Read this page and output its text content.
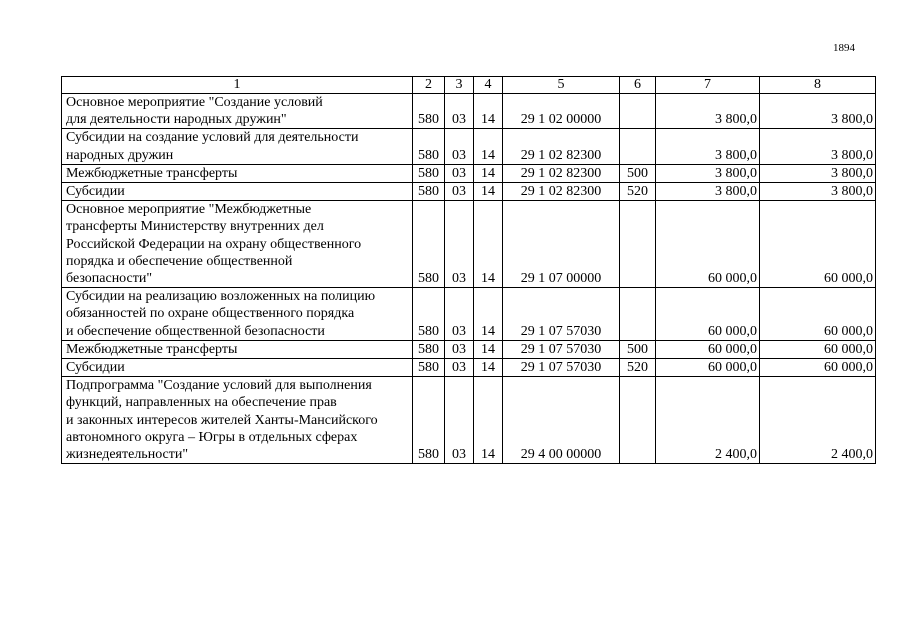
1894
1	2	3	4	5	6	7	8
Основное мероприятие "Создание условий
для деятельности народных дружин"	580	03	14	29 1 02 00000		3 800,0	3 800,0
Субсидии на создание условий для деятельности
народных дружин	580	03	14	29 1 02 82300		3 800,0	3 800,0
Межбюджетные трансферты	580	03	14	29 1 02 82300	500	3 800,0	3 800,0
Субсидии	580	03	14	29 1 02 82300	520	3 800,0	3 800,0
Основное мероприятие "Межбюджетные
трансферты Министерству внутренних дел
Российской Федерации на охрану общественного
порядка и обеспечение общественной
безопасности"	580	03	14	29 1 07 00000		60 000,0	60 000,0
Субсидии на реализацию возложенных на полицию
обязанностей по охране общественного порядка
и обеспечение общественной безопасности	580	03	14	29 1 07 57030		60 000,0	60 000,0
Межбюджетные трансферты	580	03	14	29 1 07 57030	500	60 000,0	60 000,0
Субсидии	580	03	14	29 1 07 57030	520	60 000,0	60 000,0
Подпрограмма "Создание условий для выполнения
функций, направленных на обеспечение прав
и законных интересов жителей Ханты-Мансийского
автономного округа – Югры в отдельных сферах
жизнедеятельности"	580	03	14	29 4 00 00000		2 400,0	2 400,0
